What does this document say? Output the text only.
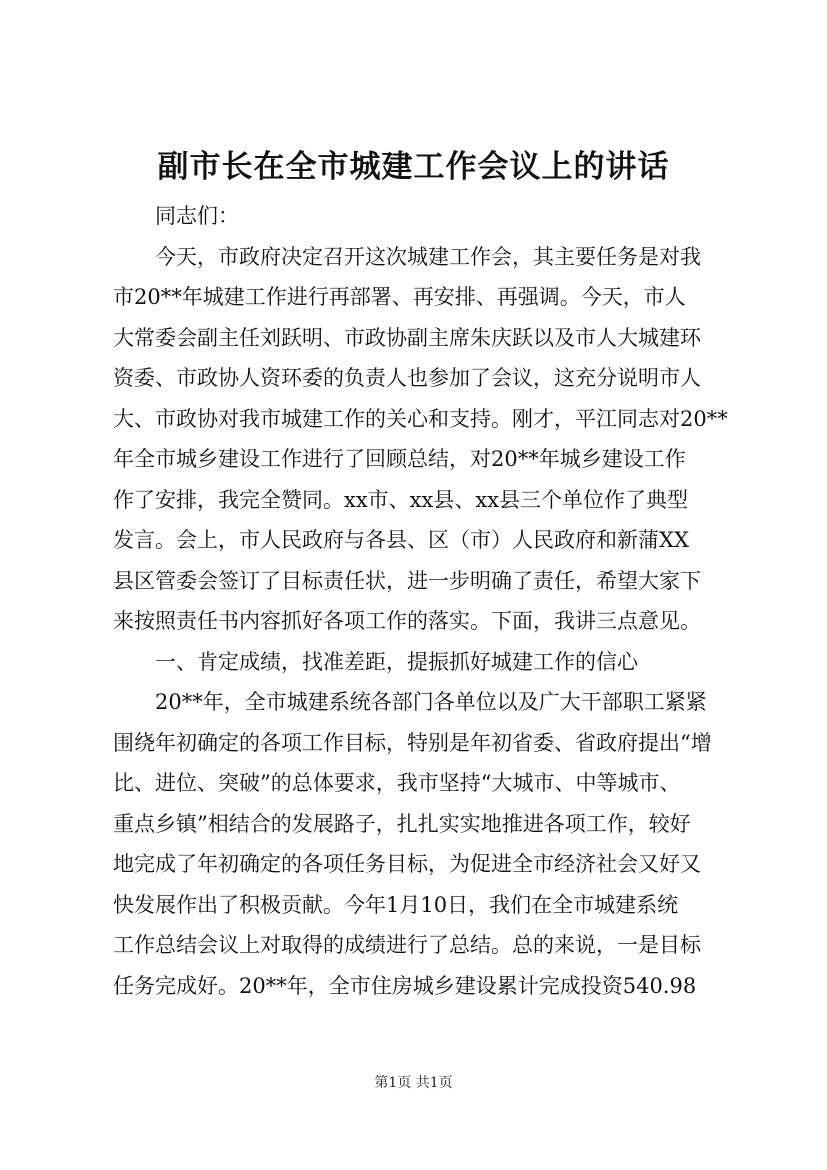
副市长在全市城建工作会议上的讲话
同志们：
今天，市政府决定召开这次城建工作会，其主要任务是对我
市20**年城建工作进行再部署、再安排、再强调。今天，市人
大常委会副主任刘跃明、市政协副主席朱庆跃以及市人大城建环
资委、市政协人资环委的负责人也参加了会议，这充分说明市人
大、市政协对我市城建工作的关心和支持。刚才，平江同志对20**
年全市城乡建设工作进行了回顾总结，对20**年城乡建设工作
作了安排，我完全赞同。xx市、xx县、xx县三个单位作了典型
发言。会上，市人民政府与各县、区（市）人民政府和新蒲XX
县区管委会签订了目标责任状，进一步明确了责任，希望大家下
来按照责任书内容抓好各项工作的落实。下面，我讲三点意见。
一、肯定成绩，找准差距，提振抓好城建工作的信心
20**年，全市城建系统各部门各单位以及广大干部职工紧紧
围绕年初确定的各项工作目标，特别是年初省委、省政府提出“增
比、进位、突破”的总体要求，我市坚持“大城市、中等城市、
重点乡镇”相结合的发展路子，扎扎实实地推进各项工作，较好
地完成了年初确定的各项任务目标，为促进全市经济社会又好又
快发展作出了积极贡献。今年1月10日，我们在全市城建系统
工作总结会议上对取得的成绩进行了总结。总的来说，一是目标
任务完成好。20**年，全市住房城乡建设累计完成投资540.98
第1页 共1页
